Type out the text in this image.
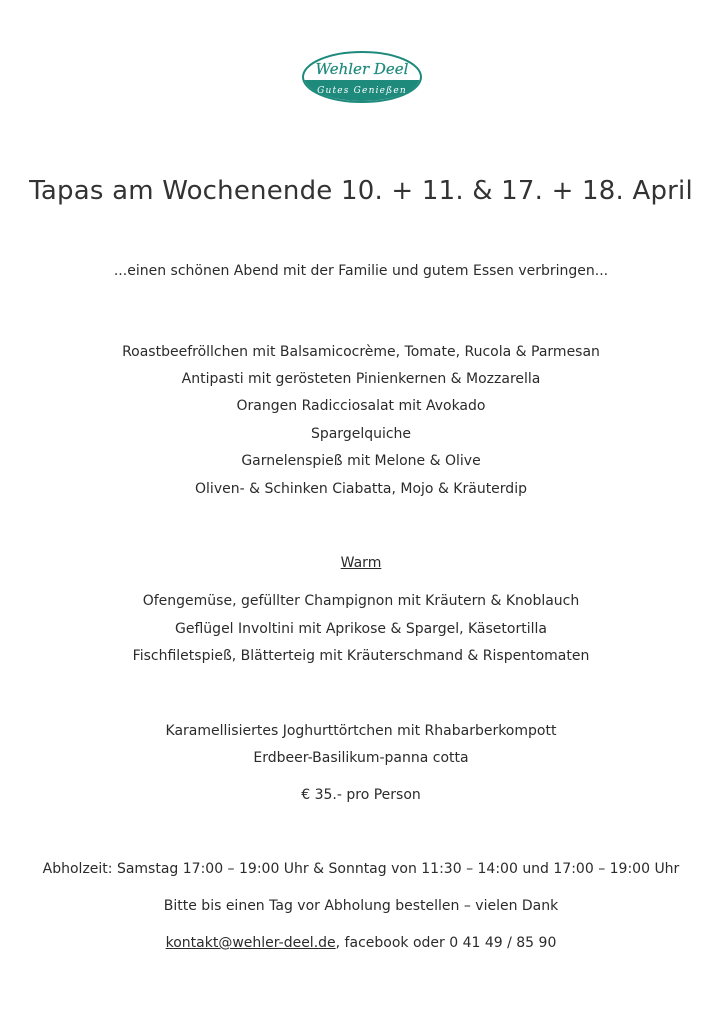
Wehler Deel
Gutes Genießen
Tapas am Wochenende 10. + 11. & 17. + 18. April
...einen schönen Abend mit der Familie und gutem Essen verbringen...
Roastbeefröllchen mit Balsamicocrème, Tomate, Rucola & Parmesan
Antipasti mit gerösteten Pinienkernen & Mozzarella
Orangen Radicciosalat mit Avokado
Spargelquiche
Garnelenspieß mit Melone & Olive
Oliven- & Schinken Ciabatta, Mojo & Kräuterdip
Warm
Ofengemüse, gefüllter Champignon mit Kräutern & Knoblauch
Geflügel Involtini mit Aprikose & Spargel, Käsetortilla
Fischfiletspieß, Blätterteig mit Kräuterschmand & Rispentomaten
Karamellisiertes Joghurttörtchen mit Rhabarberkompott
Erdbeer-Basilikum-panna cotta
€ 35.- pro Person
Abholzeit: Samstag 17:00 – 19:00 Uhr & Sonntag von 11:30 – 14:00 und 17:00 – 19:00 Uhr
Bitte bis einen Tag vor Abholung bestellen – vielen Dank
kontakt@wehler-deel.de, facebook oder 0 41 49 / 85 90
